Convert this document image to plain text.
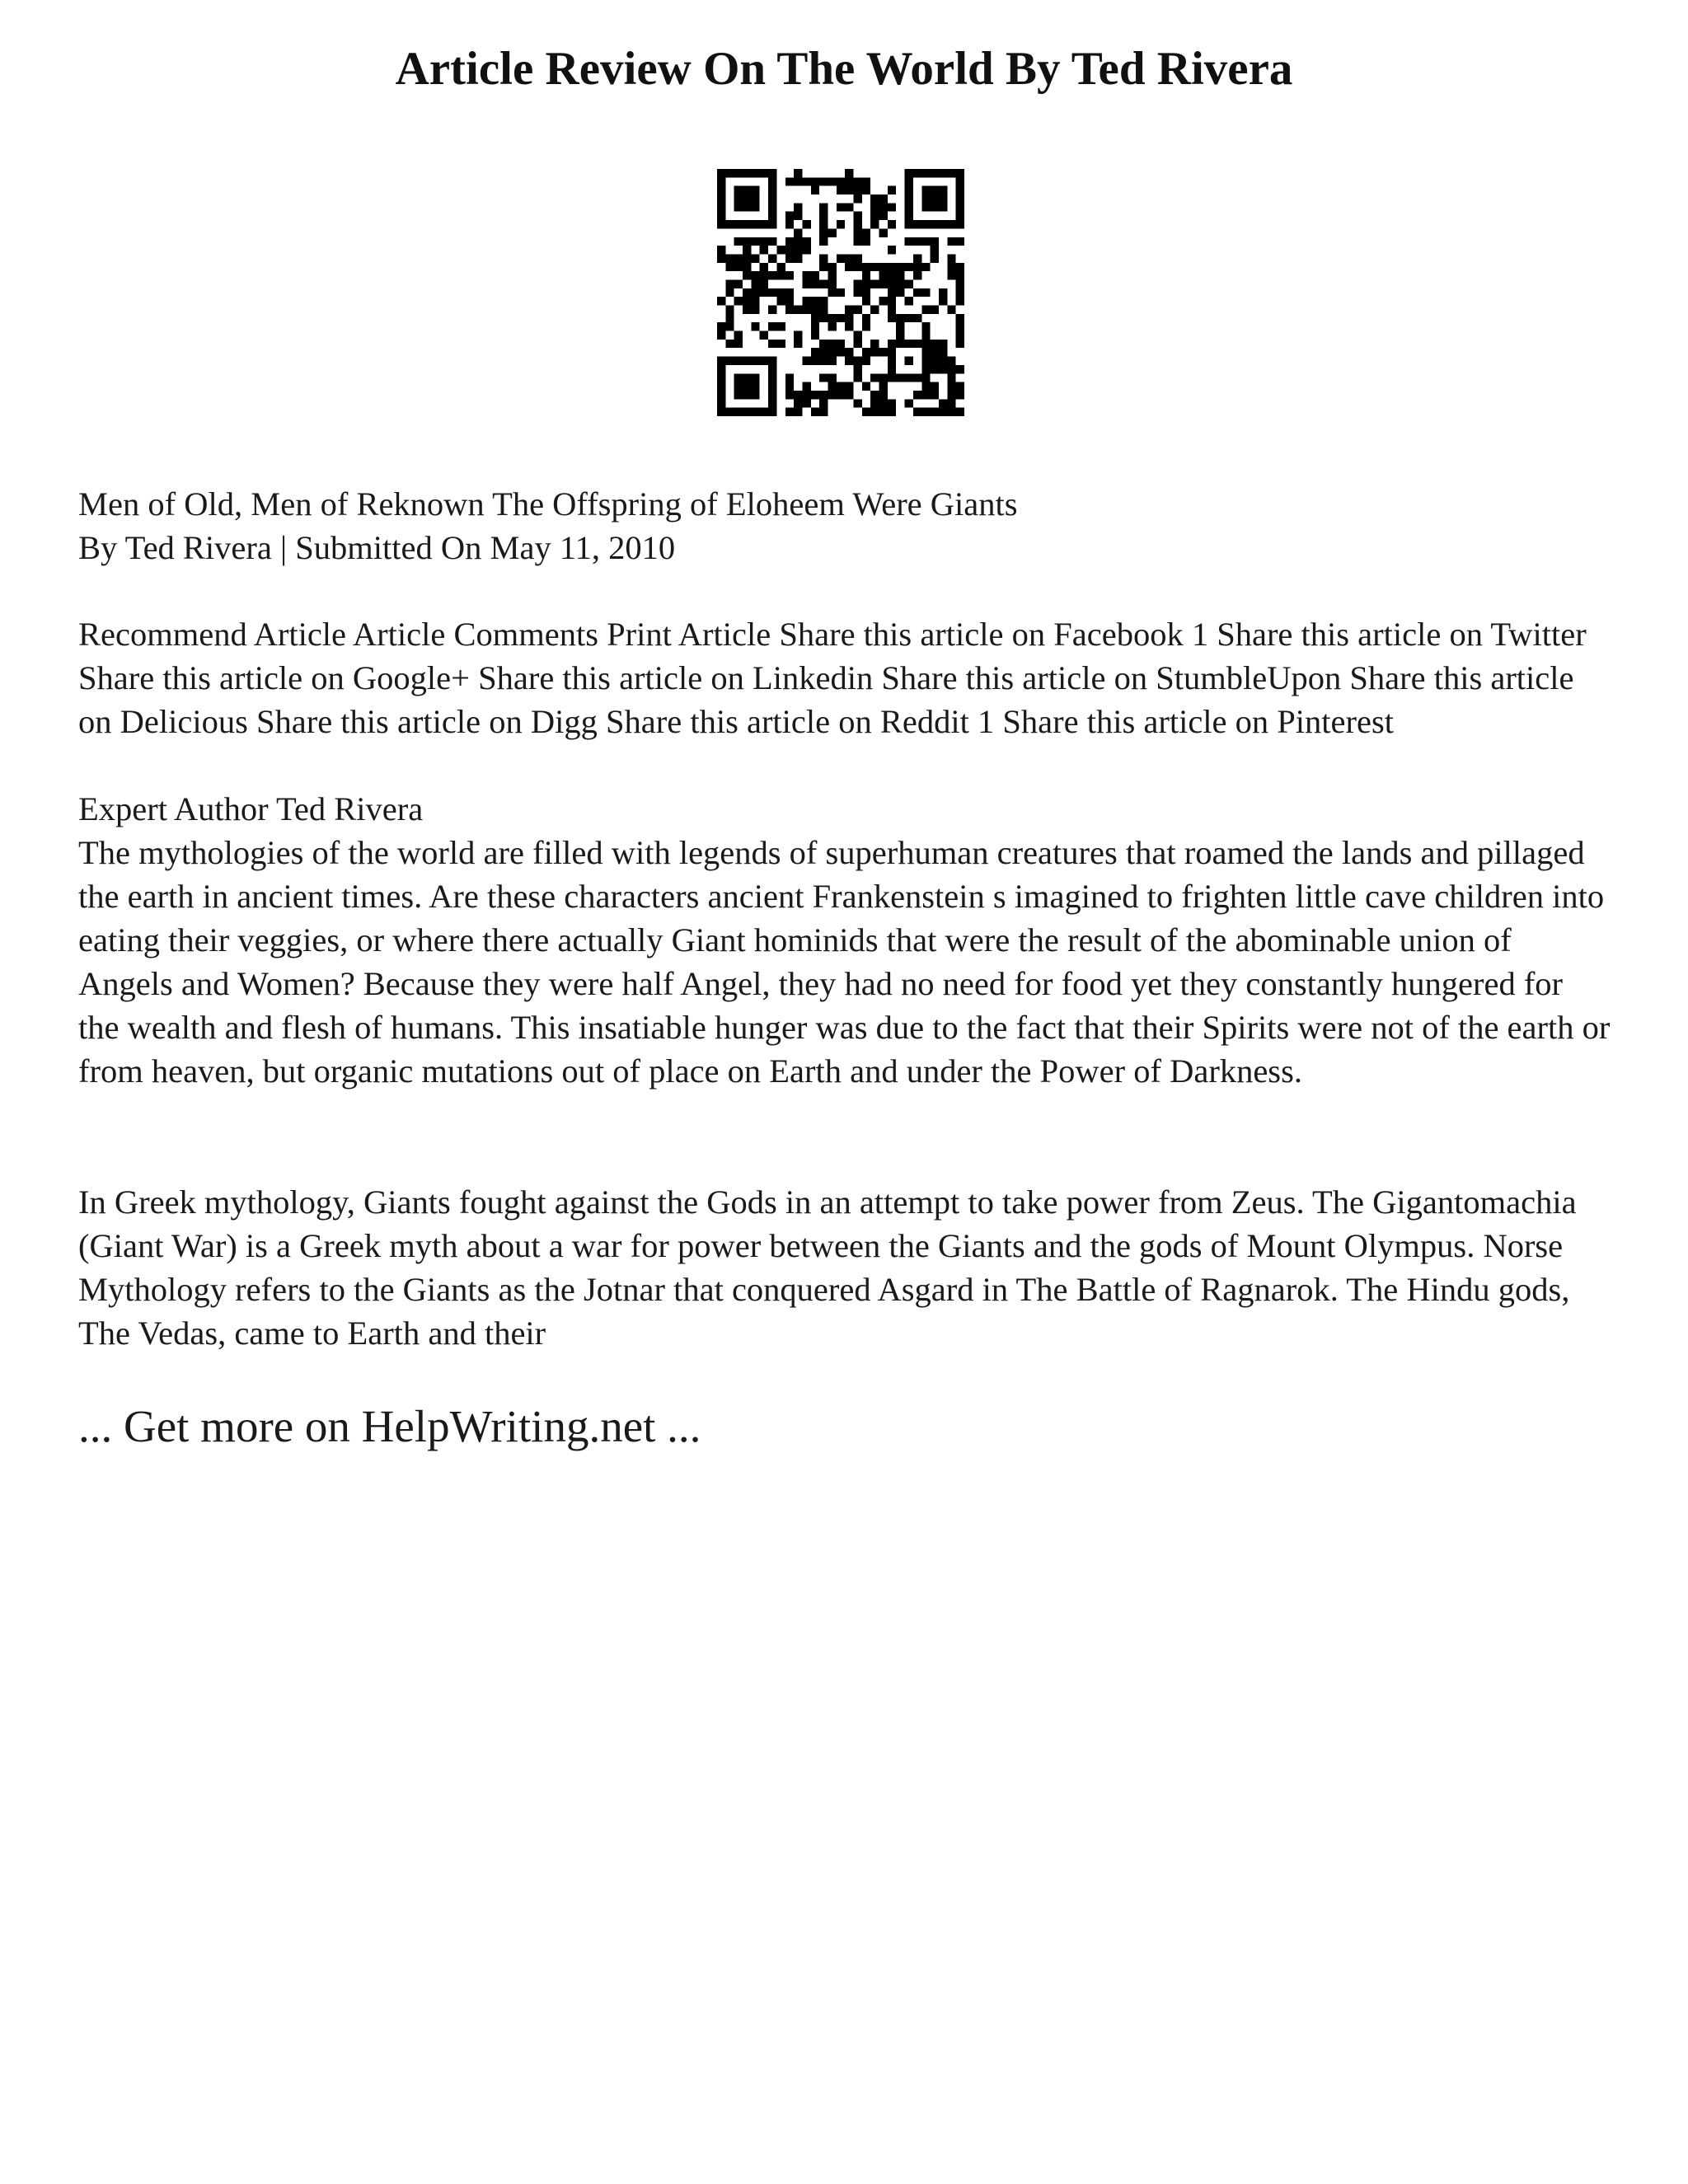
Article Review On The World By Ted Rivera

Men of Old, Men of Reknown The Offspring of Eloheem Were Giants

By Ted Rivera | Submitted On May 11, 2010

Recommend Article Article Comments Print Article Share this article on Facebook 1 Share this article on Twitter Share this article on Google+ Share this article on Linkedin Share this article on StumbleUpon Share this article on Delicious Share this article on Digg Share this article on Reddit 1 Share this article on Pinterest

Expert Author Ted Rivera

The mythologies of the world are filled with legends of superhuman creatures that roamed the lands and pillaged the earth in ancient times. Are these characters ancient Frankenstein s imagined to frighten little cave children into eating their veggies, or where there actually Giant hominids that were the result of the abominable union of Angels and Women? Because they were half Angel, they had no need for food yet they constantly hungered for the wealth and flesh of humans. This insatiable hunger was due to the fact that their Spirits were not of the earth or from heaven, but organic mutations out of place on Earth and under the Power of Darkness.

In Greek mythology, Giants fought against the Gods in an attempt to take power from Zeus. The Gigantomachia (Giant War) is a Greek myth about a war for power between the Giants and the gods of Mount Olympus. Norse Mythology refers to the Giants as the Jotnar that conquered Asgard in The Battle of Ragnarok. The Hindu gods, The Vedas, came to Earth and their

... Get more on HelpWriting.net ...
